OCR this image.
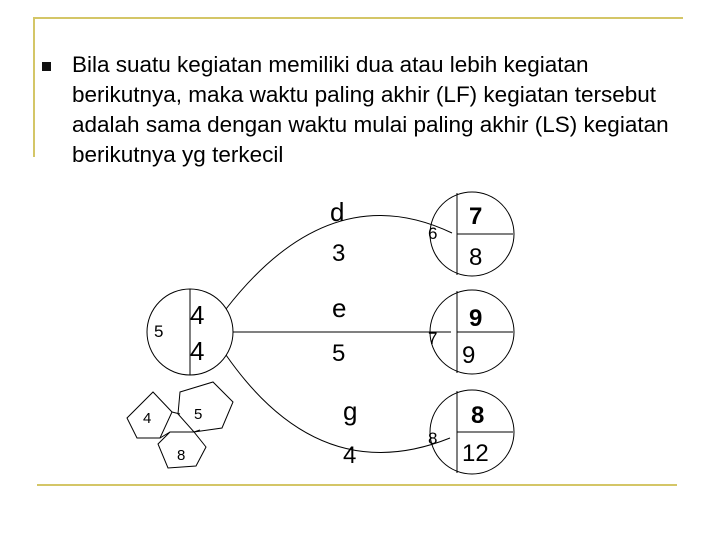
Bila suatu kegiatan memiliki dua atau lebih kegiatan berikutnya, maka waktu paling akhir (LF) kegiatan tersebut adalah sama dengan waktu mulai paling akhir (LS) kegiatan berikutnya yg terkecil

5
4
4
d
3
e
5
g
4
6
7
8
7
9
9
8
8
12
4	5
8
